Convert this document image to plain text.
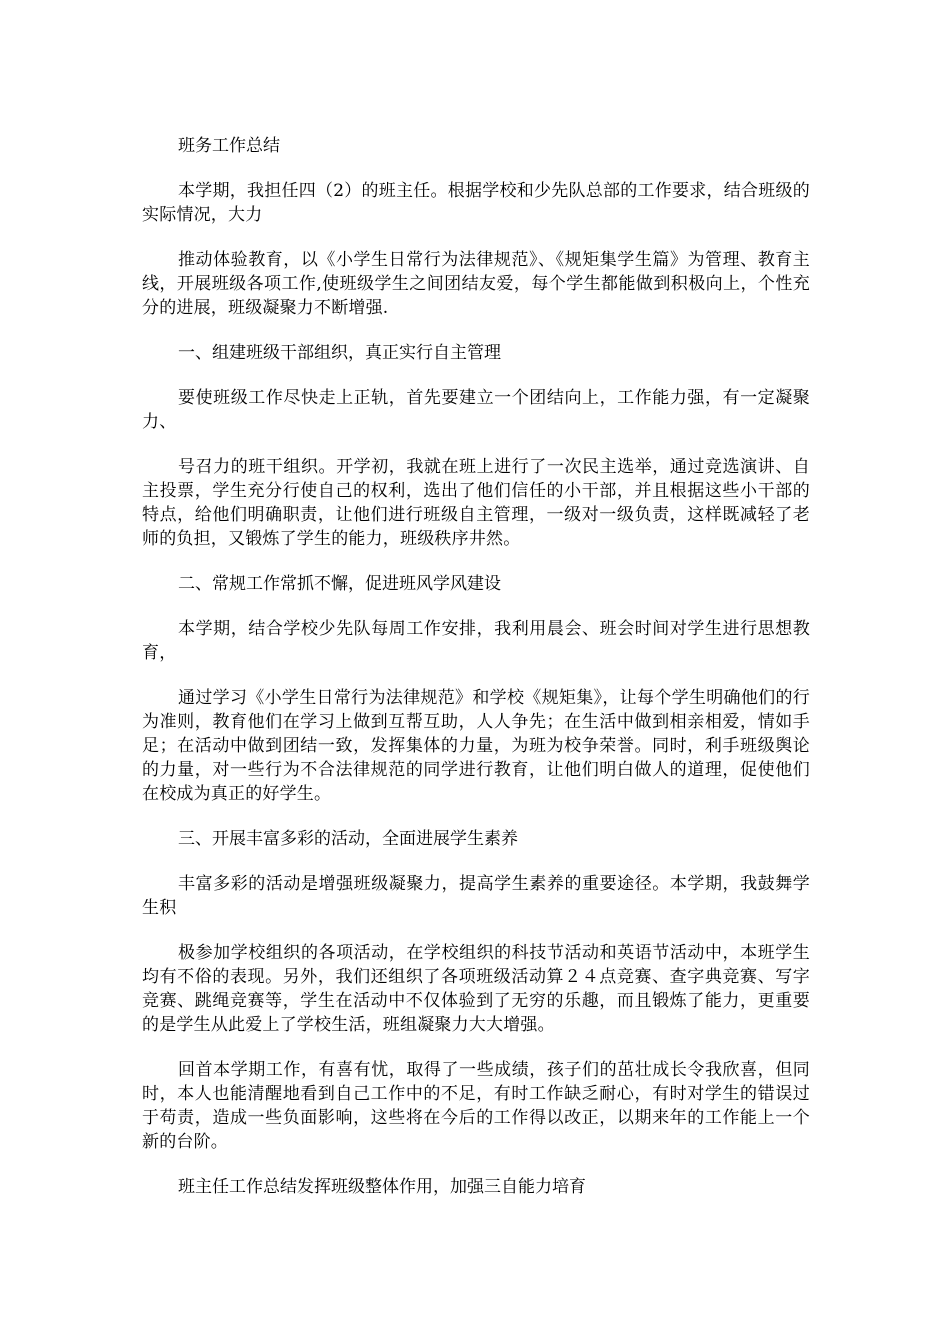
班务工作总结

本学期，我担任四（2）的班主任。根据学校和少先队总部的工作要求，结合班级的实际情况，大力

推动体验教育，以《小学生日常行为法律规范》、《规矩集学生篇》为管理、教育主线，开展班级各项工作,使班级学生之间团结友爱，每个学生都能做到积极向上，个性充分的进展，班级凝聚力不断增强.

一、组建班级干部组织，真正实行自主管理

要使班级工作尽快走上正轨，首先要建立一个团结向上，工作能力强，有一定凝聚力、

号召力的班干组织。开学初，我就在班上进行了一次民主选举，通过竞选演讲、自主投票，学生充分行使自己的权利，选出了他们信任的小干部，并且根据这些小干部的特点，给他们明确职责，让他们进行班级自主管理，一级对一级负责，这样既减轻了老师的负担，又锻炼了学生的能力，班级秩序井然。

二、常规工作常抓不懈，促进班风学风建设

本学期，结合学校少先队每周工作安排，我利用晨会、班会时间对学生进行思想教育，

通过学习《小学生日常行为法律规范》和学校《规矩集》，让每个学生明确他们的行为准则，教育他们在学习上做到互帮互助，人人争先；在生活中做到相亲相爱，情如手足；在活动中做到团结一致，发挥集体的力量，为班为校争荣誉。同时，利手班级舆论的力量，对一些行为不合法律规范的同学进行教育，让他们明白做人的道理，促使他们在校成为真正的好学生。

三、开展丰富多彩的活动，全面进展学生素养

丰富多彩的活动是增强班级凝聚力，提高学生素养的重要途径。本学期，我鼓舞学生积

极参加学校组织的各项活动，在学校组织的科技节活动和英语节活动中，本班学生均有不俗的表现。另外，我们还组织了各项班级活动算２４点竞赛、查字典竞赛、写字竞赛、跳绳竞赛等，学生在活动中不仅体验到了无穷的乐趣，而且锻炼了能力，更重要的是学生从此爱上了学校生活，班组凝聚力大大增强。

回首本学期工作，有喜有忧，取得了一些成绩，孩子们的茁壮成长令我欣喜，但同时，本人也能清醒地看到自己工作中的不足，有时工作缺乏耐心，有时对学生的错误过于苟责，造成一些负面影响，这些将在今后的工作得以改正，以期来年的工作能上一个新的台阶。

班主任工作总结发挥班级整体作用，加强三自能力培育
